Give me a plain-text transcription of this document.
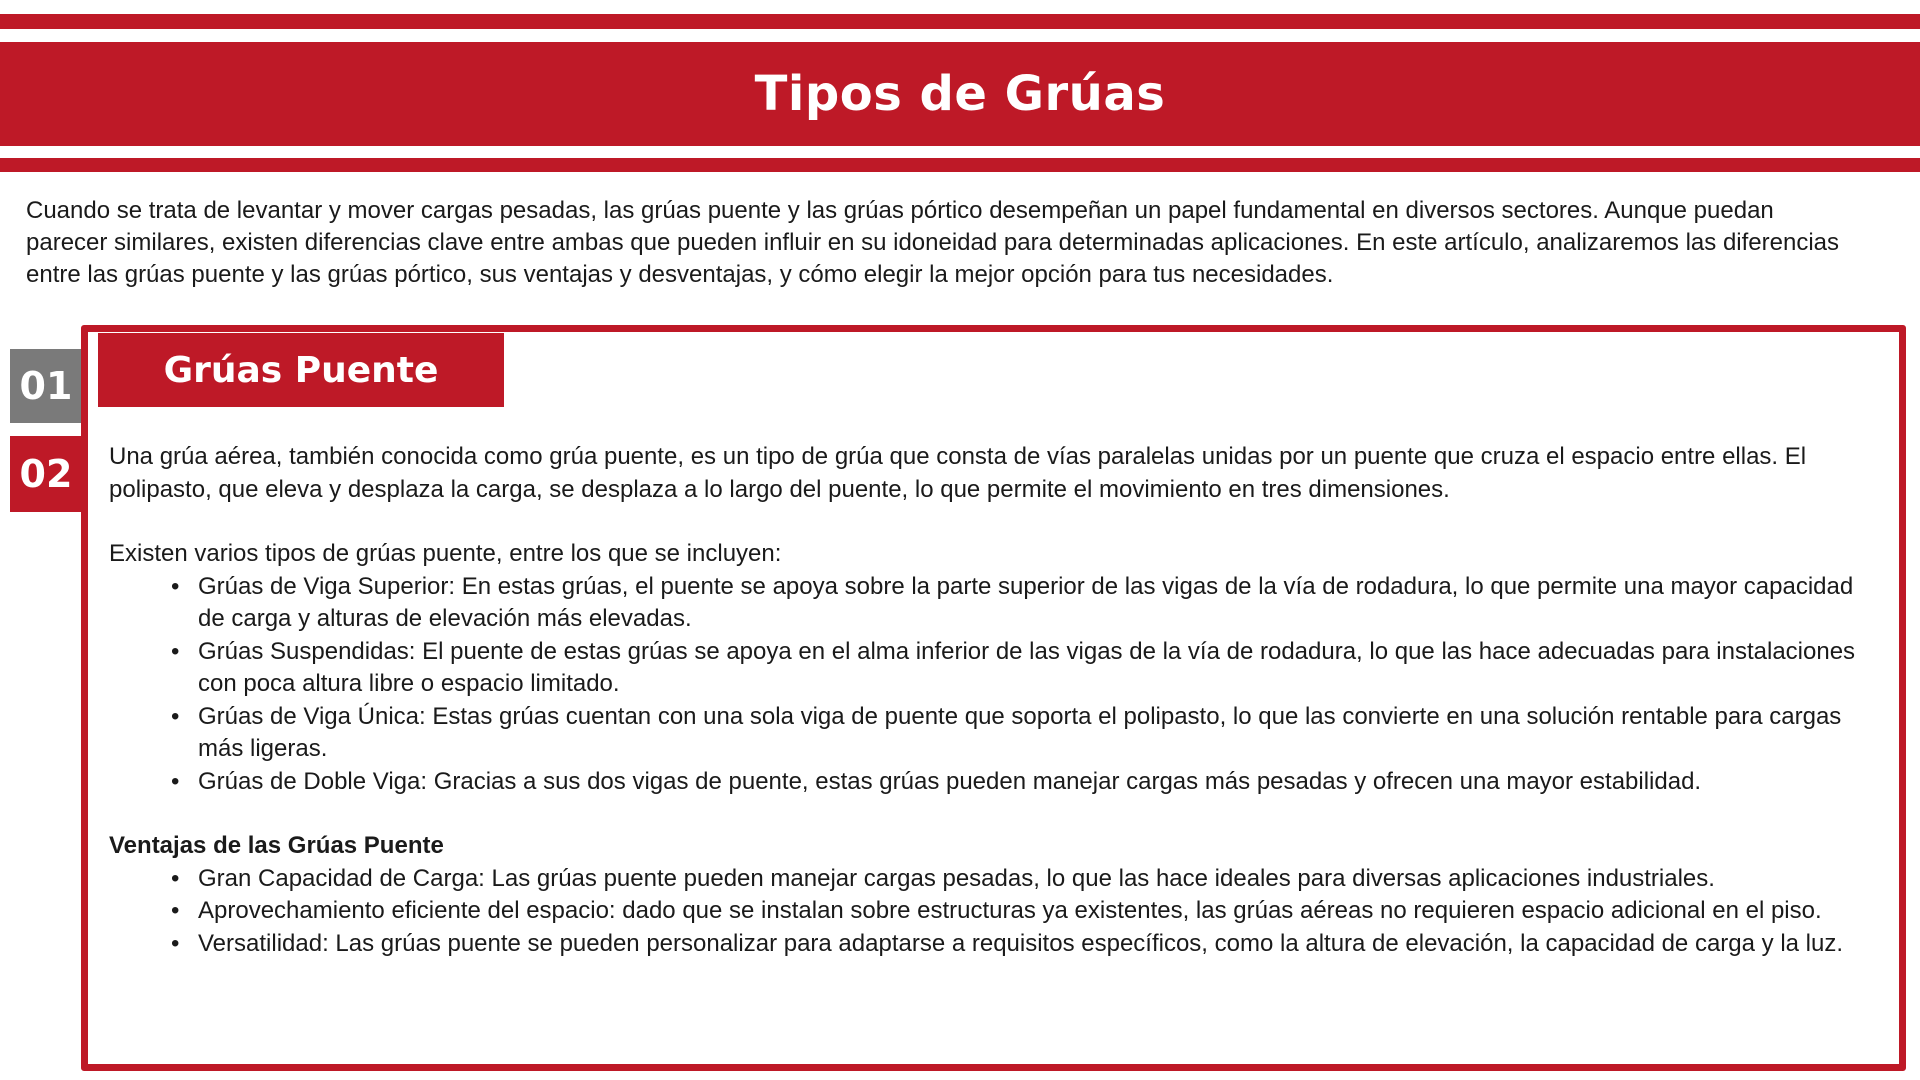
Tipos de Grúas

Cuando se trata de levantar y mover cargas pesadas, las grúas puente y las grúas pórtico desempeñan un papel fundamental en diversos sectores. Aunque puedan parecer similares, existen diferencias clave entre ambas que pueden influir en su idoneidad para determinadas aplicaciones. En este artículo, analizaremos las diferencias entre las grúas puente y las grúas pórtico, sus ventajas y desventajas, y cómo elegir la mejor opción para tus necesidades.

01
02
Grúas Puente

Una grúa aérea, también conocida como grúa puente, es un tipo de grúa que consta de vías paralelas unidas por un puente que cruza el espacio entre ellas. El polipasto, que eleva y desplaza la carga, se desplaza a lo largo del puente, lo que permite el movimiento en tres dimensiones.

Existen varios tipos de grúas puente, entre los que se incluyen:

• Grúas de Viga Superior: En estas grúas, el puente se apoya sobre la parte superior de las vigas de la vía de rodadura, lo que permite una mayor capacidad de carga y alturas de elevación más elevadas.
• Grúas Suspendidas: El puente de estas grúas se apoya en el alma inferior de las vigas de la vía de rodadura, lo que las hace adecuadas para instalaciones con poca altura libre o espacio limitado.
• Grúas de Viga Única: Estas grúas cuentan con una sola viga de puente que soporta el polipasto, lo que las convierte en una solución rentable para cargas más ligeras.
• Grúas de Doble Viga: Gracias a sus dos vigas de puente, estas grúas pueden manejar cargas más pesadas y ofrecen una mayor estabilidad.

Ventajas de las Grúas Puente

• Gran Capacidad de Carga: Las grúas puente pueden manejar cargas pesadas, lo que las hace ideales para diversas aplicaciones industriales.
• Aprovechamiento eficiente del espacio: dado que se instalan sobre estructuras ya existentes, las grúas aéreas no requieren espacio adicional en el piso.
• Versatilidad: Las grúas puente se pueden personalizar para adaptarse a requisitos específicos, como la altura de elevación, la capacidad de carga y la luz.
